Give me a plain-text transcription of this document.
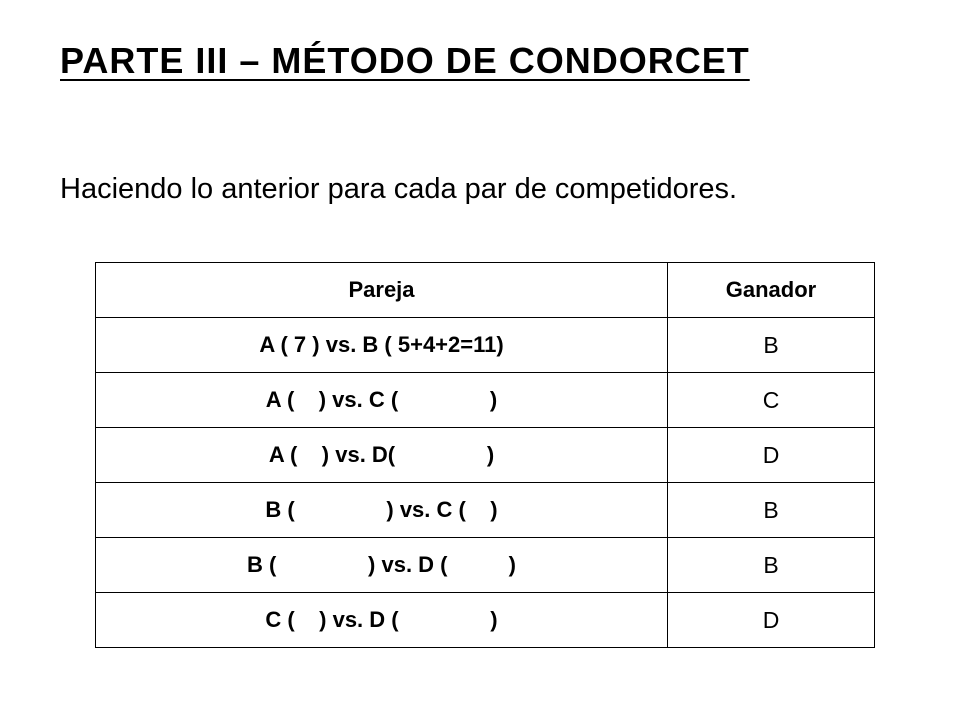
PARTE III – MÉTODO DE CONDORCET
Haciendo lo anterior para cada par de competidores.
Pareja	Ganador
A ( 7 ) vs. B ( 5+4+2=11)	B
A (    ) vs. C (               )	C
A (    ) vs. D(               )	D
B (               ) vs. C (    )	B
B (               ) vs. D (          )	B
C (    ) vs. D (               )	D
